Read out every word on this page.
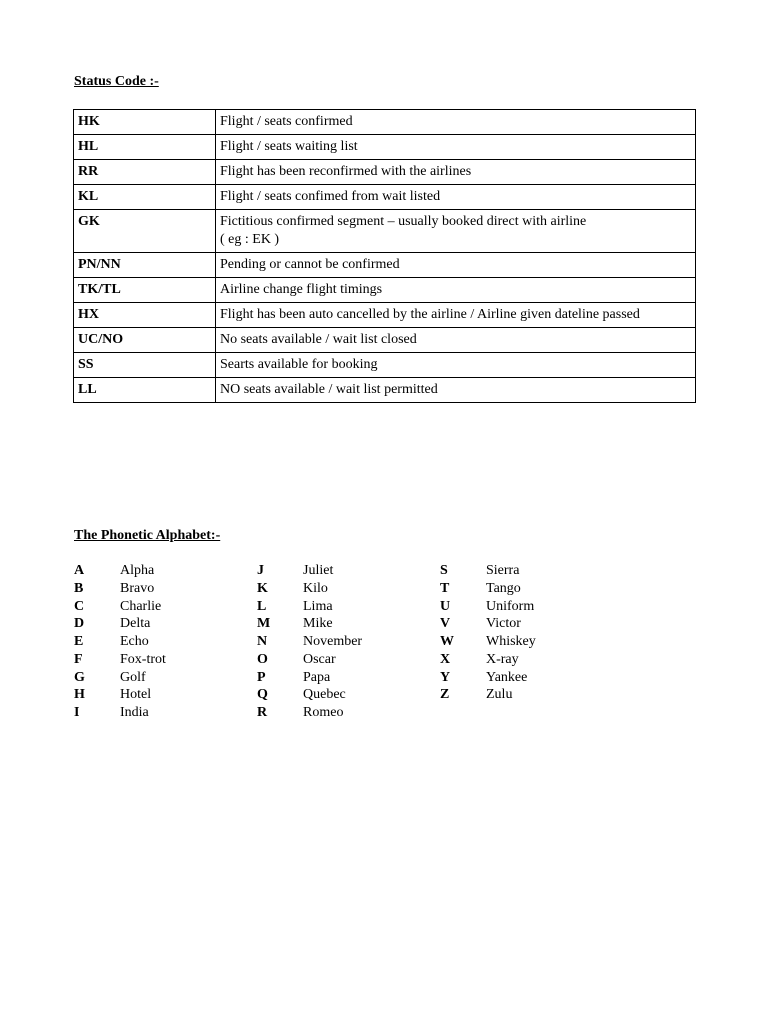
Status Code :-

HK	Flight / seats confirmed

HL	Flight / seats waiting list

RR	Flight has been reconfirmed with the airlines

KL	Flight / seats confimed from wait listed

GK	Fictitious confirmed segment – usually booked direct with airline
( eg : EK )

PN/NN	Pending or cannot be confirmed

TK/TL	Airline change flight timings

HX	Flight has been auto cancelled by the airline / Airline given dateline passed

UC/NO	No seats available / wait list closed

SS	Searts available for booking

LL	NO seats available / wait list permitted

The Phonetic Alphabet:-

A	Alpha
B	Bravo
C	Charlie
D	Delta
E	Echo
F	Fox-trot
G	Golf
H	Hotel
I	India
J	Juliet
K	Kilo
L	Lima
M Mike
N	November
O	Oscar
P	Papa
Q	Quebec
R	Romeo
S	Sierra
T	Tango
U	Uniform
V	Victor
W Whiskey
X	X-ray
Y	Yankee
Z	Zulu
